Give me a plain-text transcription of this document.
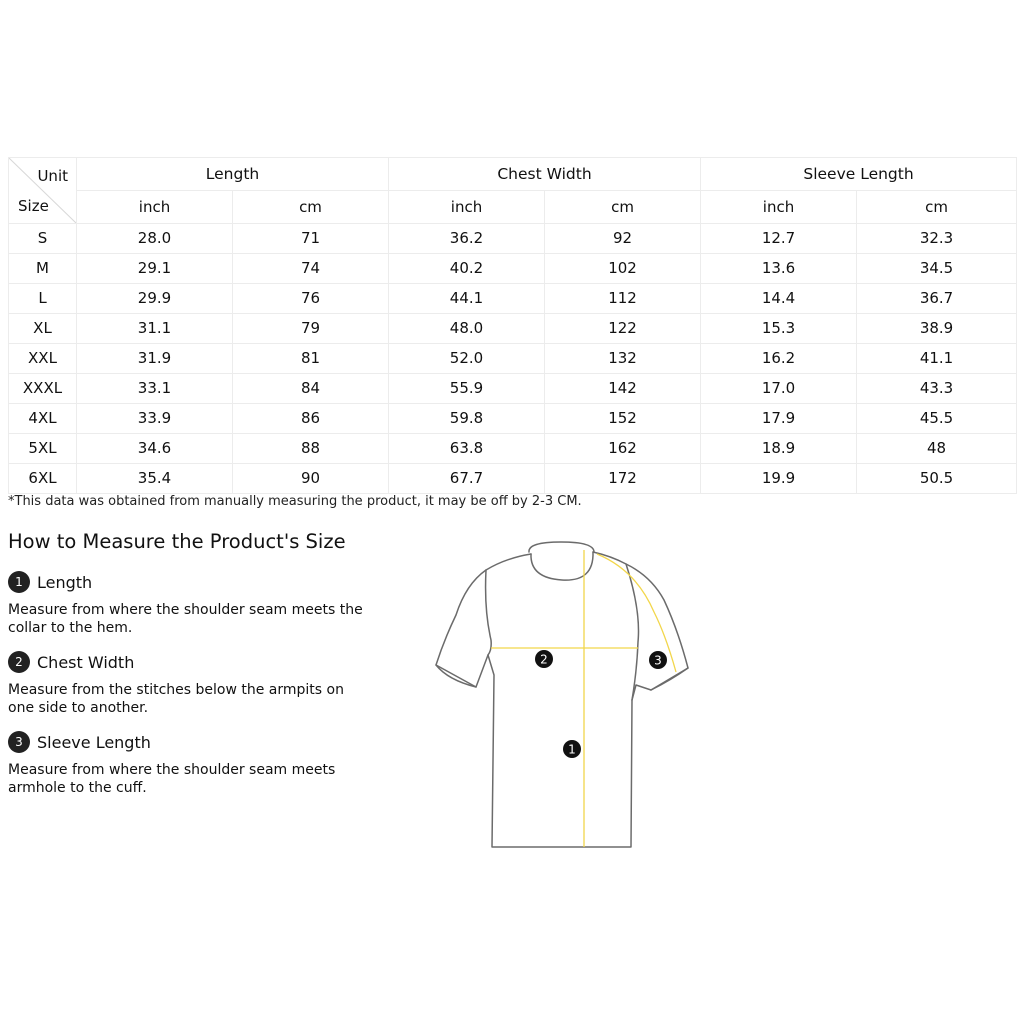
Unit
Size	Length		Chest Width		Sleeve Length	
	inch	cm	inch	cm	inch	cm
S	28.0	71	36.2	92	12.7	32.3
M	29.1	74	40.2	102	13.6	34.5
L	29.9	76	44.1	112	14.4	36.7
XL	31.1	79	48.0	122	15.3	38.9
XXL	31.9	81	52.0	132	16.2	41.1
XXXL	33.1	84	55.9	142	17.0	43.3
4XL	33.9	86	59.8	152	17.9	45.5
5XL	34.6	88	63.8	162	18.9	48
6XL	35.4	90	67.7	172	19.9	50.5
*This data was obtained from manually measuring the product, it may be off by 2-3 CM.
How to Measure the Product's Size
1 Length
Measure from where the shoulder seam meets the collar to the hem.
2 Chest Width
Measure from the stitches below the armpits on one side to another.
3 Sleeve Length
Measure from where the shoulder seam meets armhole to the cuff.
1
2	3
